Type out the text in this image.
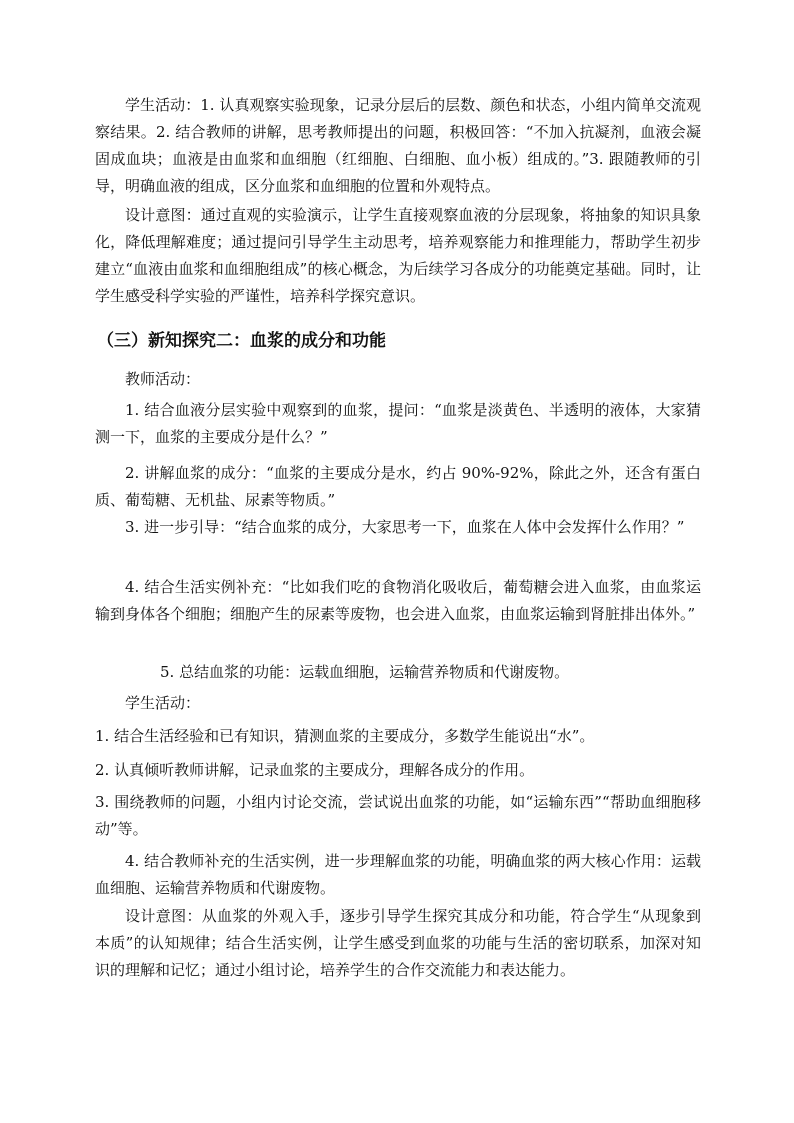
学生活动：1. 认真观察实验现象，记录分层后的层数、颜色和状态，小组内简单交流观察结果。2. 结合教师的讲解，思考教师提出的问题，积极回答：“不加入抗凝剂，血液会凝固成血块；血液是由血浆和血细胞（红细胞、白细胞、血小板）组成的。”3. 跟随教师的引导，明确血液的组成，区分血浆和血细胞的位置和外观特点。

设计意图：通过直观的实验演示，让学生直接观察血液的分层现象，将抽象的知识具象化，降低理解难度；通过提问引导学生主动思考，培养观察能力和推理能力，帮助学生初步建立“血液由血浆和血细胞组成”的核心概念，为后续学习各成分的功能奠定基础。同时，让学生感受科学实验的严谨性，培养科学探究意识。

（三）新知探究二：血浆的成分和功能

教师活动：

1. 结合血液分层实验中观察到的血浆，提问：“血浆是淡黄色、半透明的液体，大家猜测一下，血浆的主要成分是什么？”

2. 讲解血浆的成分：“血浆的主要成分是水，约占 90%-92%，除此之外，还含有蛋白质、葡萄糖、无机盐、尿素等物质。”

3. 进一步引导：“结合血浆的成分，大家思考一下，血浆在人体中会发挥什么作用？”

4. 结合生活实例补充：“比如我们吃的食物消化吸收后，葡萄糖会进入血浆，由血浆运输到身体各个细胞；细胞产生的尿素等废物，也会进入血浆，由血浆运输到肾脏排出体外。”

5. 总结血浆的功能：运载血细胞，运输营养物质和代谢废物。

学生活动：

1. 结合生活经验和已有知识，猜测血浆的主要成分，多数学生能说出“水”。

2. 认真倾听教师讲解，记录血浆的主要成分，理解各成分的作用。

3. 围绕教师的问题，小组内讨论交流，尝试说出血浆的功能，如“运输东西”“帮助血细胞移动”等。

4. 结合教师补充的生活实例，进一步理解血浆的功能，明确血浆的两大核心作用：运载血细胞、运输营养物质和代谢废物。

设计意图：从血浆的外观入手，逐步引导学生探究其成分和功能，符合学生“从现象到本质”的认知规律；结合生活实例，让学生感受到血浆的功能与生活的密切联系，加深对知识的理解和记忆；通过小组讨论，培养学生的合作交流能力和表达能力。
